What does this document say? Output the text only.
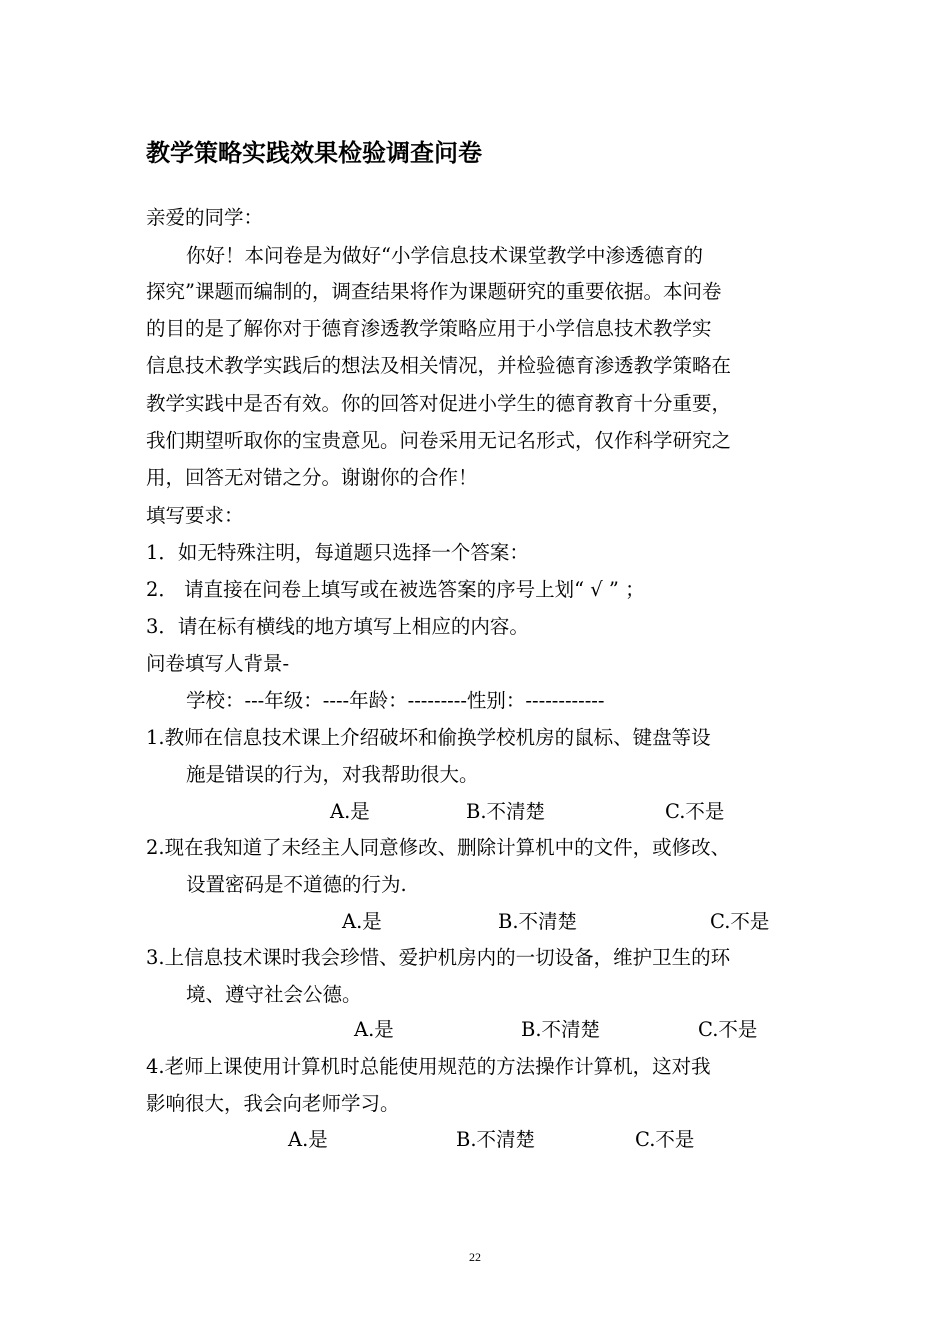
教学策略实践效果检验调查问卷
亲爱的同学：
你好！本问卷是为做好“小学信息技术课堂教学中渗透德育的
探究”课题而编制的，调查结果将作为课题研究的重要依据。本问卷
的目的是了解你对于德育渗透教学策略应用于小学信息技术教学实
信息技术教学实践后的想法及相关情况，并检验德育渗透教学策略在
教学实践中是否有效。你的回答对促进小学生的德育教育十分重要，
我们期望听取你的宝贵意见。问卷采用无记名形式，仅作科学研究之
用，回答无对错之分。谢谢你的合作！
填写要求：
1．如无特殊注明，每道题只选择一个答案：
2． 请直接在问卷上填写或在被选答案的序号上划“ √ ” ；
3．请在标有横线的地方填写上相应的内容。
问卷填写人背景-
学校：---年级：----年龄：---------性别：------------
1.教师在信息技术课上介绍破坏和偷换学校机房的鼠标、键盘等设
施是错误的行为，对我帮助很大。
A.是	B.不清楚	C.不是
2.现在我知道了未经主人同意修改、删除计算机中的文件，或修改、
设置密码是不道德的行为.
A.是	B.不清楚	C.不是
3.上信息技术课时我会珍惜、爱护机房内的一切设备，维护卫生的环
境、遵守社会公德。
A.是	B.不清楚	C.不是
4.老师上课使用计算机时总能使用规范的方法操作计算机，这对我
影响很大，我会向老师学习。
A.是	B.不清楚	C.不是
22
